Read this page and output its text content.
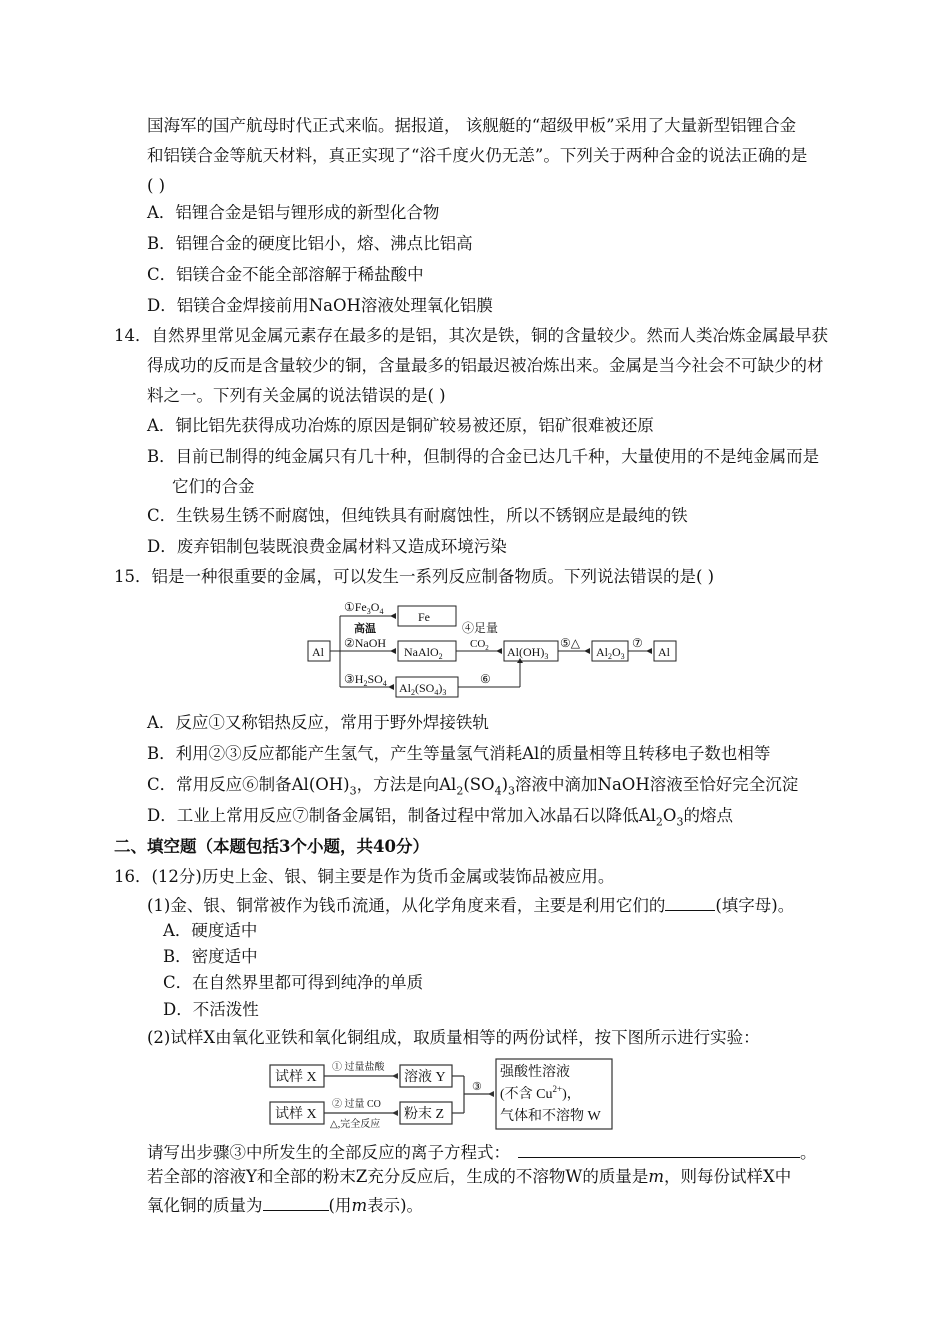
国海军的国产航母时代正式来临。据报道， 该舰艇的“超级甲板”采用了大量新型铝锂合金
和铝镁合金等航天材料，真正实现了“浴千度火仍无恙”。下列关于两种合金的说法正确的是
( )
A．铝锂合金是铝与锂形成的新型化合物
B．铝锂合金的硬度比铝小，熔、沸点比铝高
C．铝镁合金不能全部溶解于稀盐酸中
D．铝镁合金焊接前用NaOH溶液处理氧化铝膜
14．自然界里常见金属元素存在最多的是铝，其次是铁，铜的含量较少。然而人类冶炼金属最早获
得成功的反而是含量较少的铜，含量最多的铝最迟被冶炼出来。金属是当今社会不可缺少的材
料之一。下列有关金属的说法错误的是( )
A．铜比铝先获得成功冶炼的原因是铜矿较易被还原，铝矿很难被还原
B．目前已制得的纯金属只有几十种，但制得的合金已达几千种，大量使用的不是纯金属而是
它们的合金
C．生铁易生锈不耐腐蚀，但纯铁具有耐腐蚀性，所以不锈钢应是最纯的铁
D．废弃铝制包装既浪费金属材料又造成环境污染
15．铝是一种很重要的金属，可以发生一系列反应制备物质。下列说法错误的是( )
Al
Fe
NaAlO$_2$	$Al(OH)_3$	$Al_2O_3$	Al
$Al_2(SO_4)_3$
$①Fe_3O_4$
高温
②NaOH
$③H_2SO_4$
④足量
$CO_2$	⑤△	⑦
⑥
A．反应①又称铝热反应，常用于野外焊接铁轨
B．利用②③反应都能产生氢气，产生等量氢气消耗Al的质量相等且转移电子数也相等
C．常用反应⑥制备$Al(OH)_3$，方法是向$Al_2(SO_4)_3$溶液中滴加NaOH溶液至恰好完全沉淀
D．工业上常用反应⑦制备金属铝，制备过程中常加入冰晶石以降低$Al_2O_3$的熔点
二、填空题（本题包括3个小题，共40分）
16．(12分)历史上金、银、铜主要是作为货币金属或装饰品被应用。
(1)金、银、铜常被作为钱币流通，从化学角度来看，主要是利用它们的	(填字母)。
A．硬度适中
B．密度适中
C．在自然界里都可得到纯净的单质
D．不活泼性
(2)试样X由氧化亚铁和氧化铜组成，取质量相等的两份试样，按下图所示进行实验：
试样 X
试样 X
溶液 Y
粉末 Z
① 过量盐酸
② 过量 CO
△,完全反应
③
强酸性溶液
(不含 $Cu^{2+}$)，
气体和不溶物 W
请写出步骤③中所发生的全部反应的离子方程式：	。
若全部的溶液Y和全部的粉末Z充分反应后，生成的不溶物W的质量是m，则每份试样X中
氧化铜的质量为	(用m表示)。
